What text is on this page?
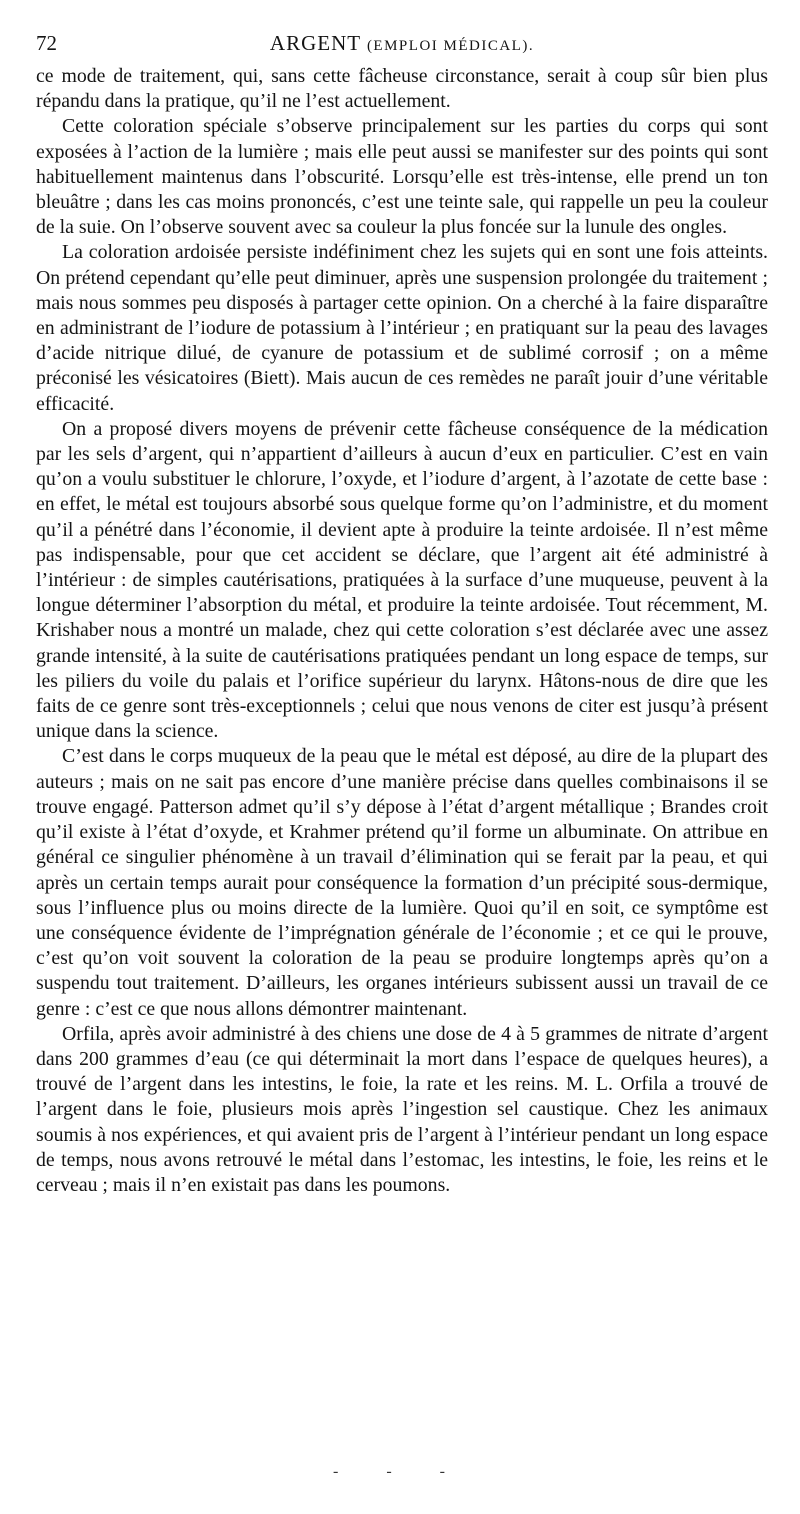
72	ARGENT (EMPLOI MÉDICAL).

ce mode de traitement, qui, sans cette fâcheuse circonstance, serait à coup sûr bien plus répandu dans la pratique, qu’il ne l’est actuellement.

Cette coloration spéciale s’observe principalement sur les parties du corps qui sont exposées à l’action de la lumière ; mais elle peut aussi se manifester sur des points qui sont habituellement maintenus dans l’obscurité. Lorsqu’elle est très-intense, elle prend un ton bleuâtre ; dans les cas moins prononcés, c’est une teinte sale, qui rappelle un peu la couleur de la suie. On l’observe souvent avec sa couleur la plus foncée sur la lunule des ongles.

La coloration ardoisée persiste indéfiniment chez les sujets qui en sont une fois atteints. On prétend cependant qu’elle peut diminuer, après une suspension prolongée du traitement ; mais nous sommes peu disposés à partager cette opinion. On a cherché à la faire disparaître en administrant de l’iodure de potassium à l’intérieur ; en pratiquant sur la peau des lavages d’acide nitrique dilué, de cyanure de potassium et de sublimé corrosif ; on a même préconisé les vésicatoires (Biett). Mais aucun de ces remèdes ne paraît jouir d’une véritable efficacité.

On a proposé divers moyens de prévenir cette fâcheuse conséquence de la médication par les sels d’argent, qui n’appartient d’ailleurs à aucun d’eux en particulier. C’est en vain qu’on a voulu substituer le chlorure, l’oxyde, et l’iodure d’argent, à l’azotate de cette base : en effet, le métal est toujours absorbé sous quelque forme qu’on l’administre, et du moment qu’il a pénétré dans l’économie, il devient apte à produire la teinte ardoisée. Il n’est même pas indispensable, pour que cet accident se déclare, que l’argent ait été administré à l’intérieur : de simples cautérisations, pratiquées à la surface d’une muqueuse, peuvent à la longue déterminer l’absorption du métal, et produire la teinte ardoisée. Tout récemment, M. Krishaber nous a montré un malade, chez qui cette coloration s’est déclarée avec une assez grande intensité, à la suite de cautérisations pratiquées pendant un long espace de temps, sur les piliers du voile du palais et l’orifice supérieur du larynx. Hâtons-nous de dire que les faits de ce genre sont très-exceptionnels ; celui que nous venons de citer est jusqu’à présent unique dans la science.

C’est dans le corps muqueux de la peau que le métal est déposé, au dire de la plupart des auteurs ; mais on ne sait pas encore d’une manière précise dans quelles combinaisons il se trouve engagé. Patterson admet qu’il s’y dépose à l’état d’argent métallique ; Brandes croit qu’il existe à l’état d’oxyde, et Krahmer prétend qu’il forme un albuminate. On attribue en général ce singulier phénomène à un travail d’élimination qui se ferait par la peau, et qui après un certain temps aurait pour conséquence la formation d’un précipité sous-dermique, sous l’influence plus ou moins directe de la lumière. Quoi qu’il en soit, ce symptôme est une conséquence évidente de l’imprégnation générale de l’économie ; et ce qui le prouve, c’est qu’on voit souvent la coloration de la peau se produire longtemps après qu’on a suspendu tout traitement. D’ailleurs, les organes intérieurs subissent aussi un travail de ce genre : c’est ce que nous allons démontrer maintenant.

Orfila, après avoir administré à des chiens une dose de 4 à 5 grammes de nitrate d’argent dans 200 grammes d’eau (ce qui déterminait la mort dans l’espace de quelques heures), a trouvé de l’argent dans les intestins, le foie, la rate et les reins. M. L. Orfila a trouvé de l’argent dans le foie, plusieurs mois après l’ingestion sel caustique. Chez les animaux soumis à nos expériences, et qui avaient pris de l’argent à l’intérieur pendant un long espace de temps, nous avons retrouvé le métal dans l’estomac, les intestins, le foie, les reins et le cerveau ; mais il n’en existait pas dans les poumons.

- - -
